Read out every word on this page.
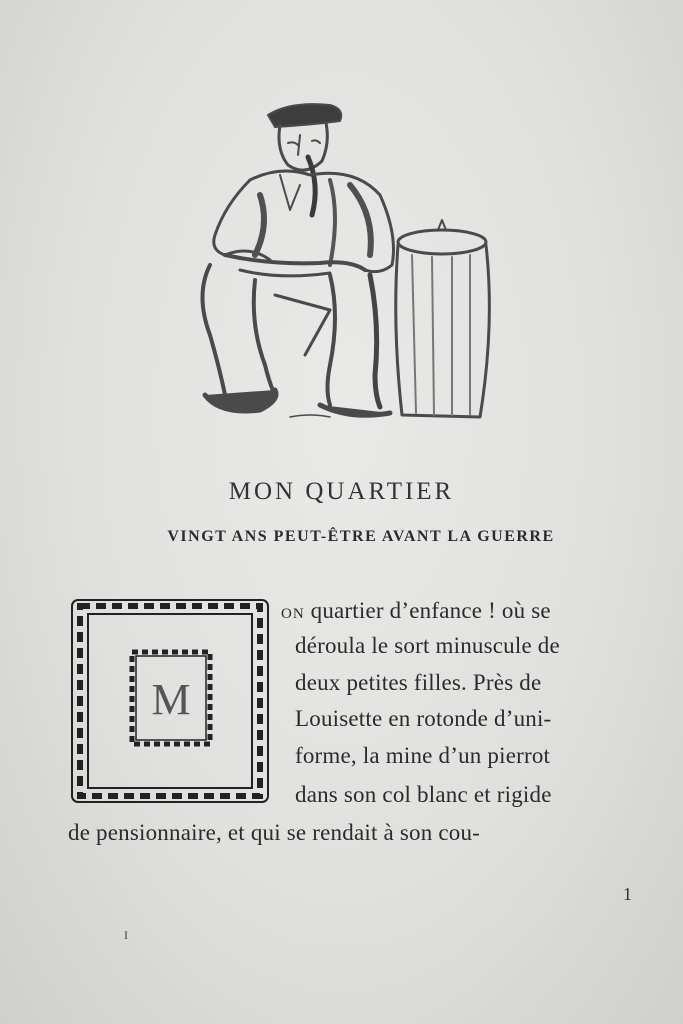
MON QUARTIER
VINGT ANS PEUT-ÊTRE AVANT LA GUERRE
M
ON quartier d’enfance ! où se
déroula le sort minuscule de
deux petites filles. Près de
Louisette en rotonde d’uni-
forme, la mine d’un pierrot
dans son col blanc et rigide
de pensionnaire, et qui se rendait à son cou-
1
I
